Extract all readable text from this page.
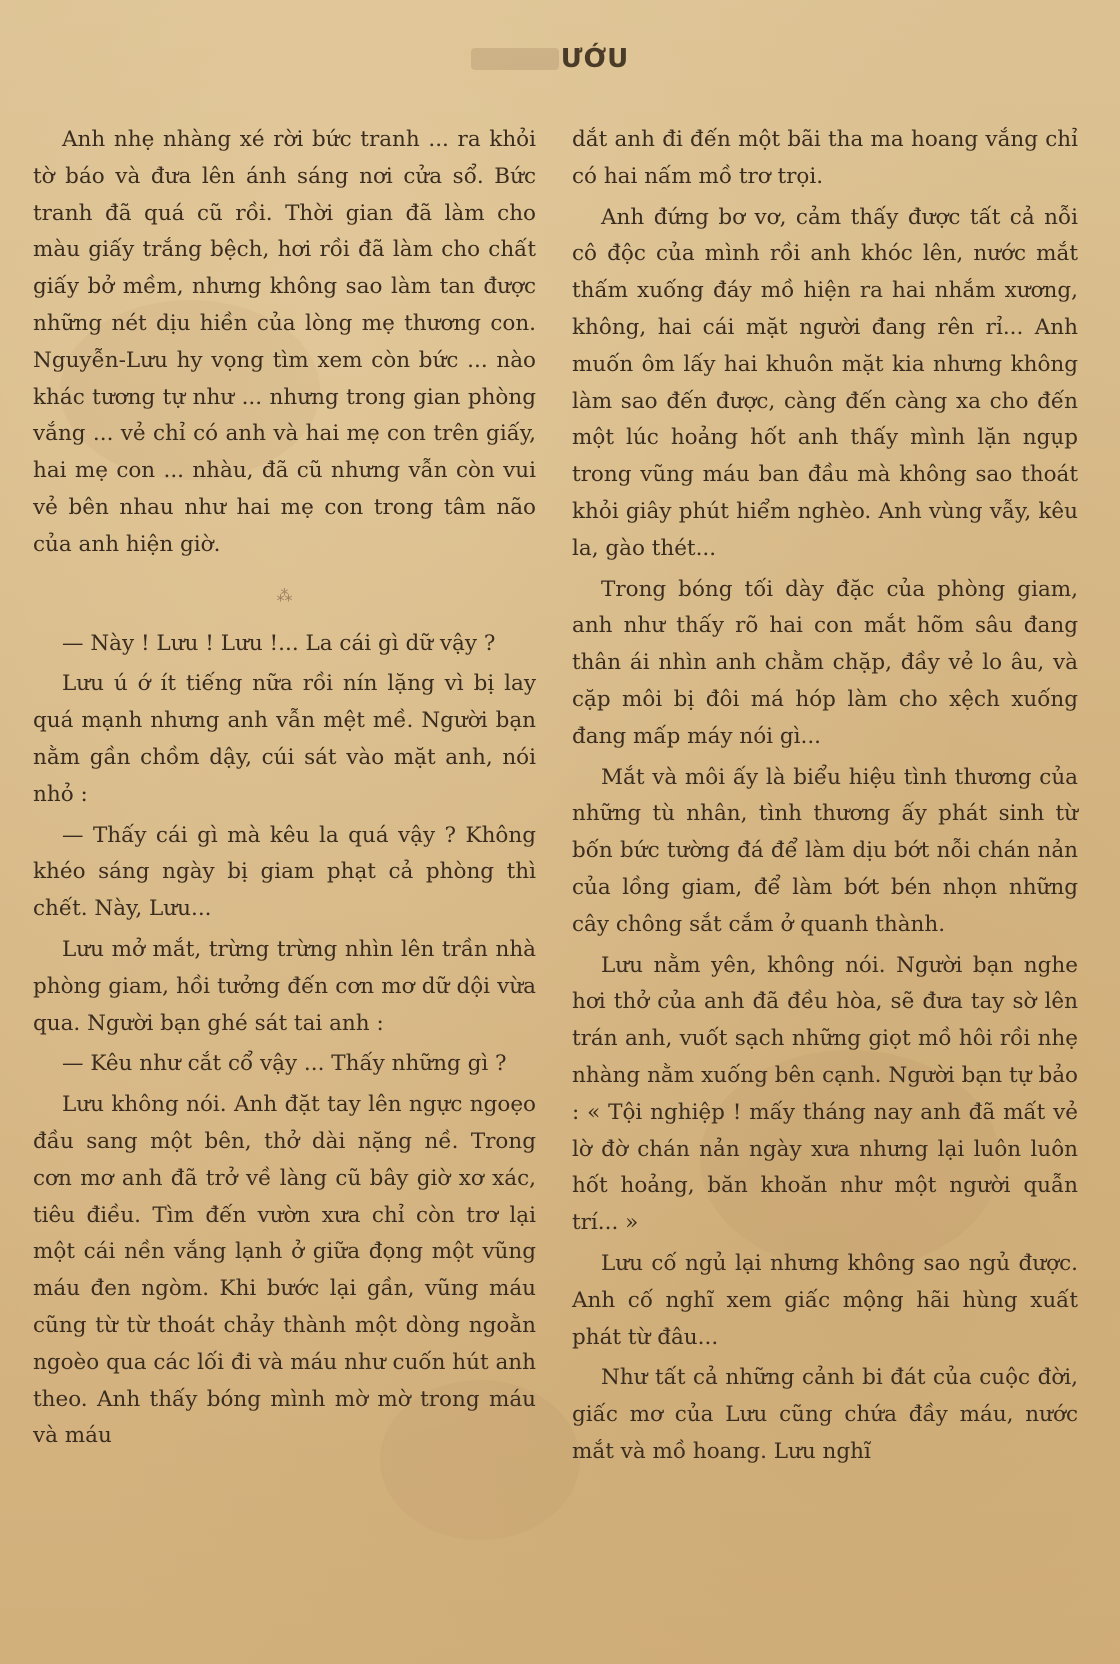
ƯỚU

Anh nhẹ nhàng xé rời bức tranh ... ra khỏi tờ báo và đưa lên ánh sáng nơi cửa sổ. Bức tranh đã quá cũ rồi. Thời gian đã làm cho màu giấy trắng bệch, hơi rồi đã làm cho chất giấy bở mềm, nhưng không sao làm tan được những nét dịu hiền của lòng mẹ thương con. Nguyễn-Lưu hy vọng tìm xem còn bức ... nào khác tương tự như ... nhưng trong gian phòng vắng ... vẻ chỉ có anh và hai mẹ con trên giấy, hai mẹ con ... nhàu, đã cũ nhưng vẫn còn vui vẻ bên nhau như hai mẹ con trong tâm não của anh hiện giờ.

⁂

— Này ! Lưu ! Lưu !... La cái gì dữ vậy ?

Lưu ú ớ ít tiếng nữa rồi nín lặng vì bị lay quá mạnh nhưng anh vẫn mệt mề. Người bạn nằm gần chồm dậy, cúi sát vào mặt anh, nói nhỏ :

— Thấy cái gì mà kêu la quá vậy ? Không khéo sáng ngày bị giam phạt cả phòng thì chết. Này, Lưu...

Lưu mở mắt, trừng trừng nhìn lên trần nhà phòng giam, hồi tưởng đến cơn mơ dữ dội vừa qua. Người bạn ghé sát tai anh :

— Kêu như cắt cổ vậy ... Thấy những gì ?

Lưu không nói. Anh đặt tay lên ngực ngoẹo đầu sang một bên, thở dài nặng nề. Trong cơn mơ anh đã trở về làng cũ bây giờ xơ xác, tiêu điều. Tìm đến vườn xưa chỉ còn trơ lại một cái nền vắng lạnh ở giữa đọng một vũng máu đen ngòm. Khi bước lại gần, vũng máu cũng từ từ thoát chảy thành một dòng ngoằn ngoèo qua các lối đi và máu như cuốn hút anh theo. Anh thấy bóng mình mờ mờ trong máu và máu

dắt anh đi đến một bãi tha ma hoang vắng chỉ có hai nấm mồ trơ trọi.

Anh đứng bơ vơ, cảm thấy được tất cả nỗi cô độc của mình rồi anh khóc lên, nước mắt thấm xuống đáy mồ hiện ra hai nhắm xương, không, hai cái mặt người đang rên rỉ... Anh muốn ôm lấy hai khuôn mặt kia nhưng không làm sao đến được, càng đến càng xa cho đến một lúc hoảng hốt anh thấy mình lặn ngụp trong vũng máu ban đầu mà không sao thoát khỏi giây phút hiểm nghèo. Anh vùng vẫy, kêu la, gào thét...

Trong bóng tối dày đặc của phòng giam, anh như thấy rõ hai con mắt hõm sâu đang thân ái nhìn anh chằm chặp, đầy vẻ lo âu, và cặp môi bị đôi má hóp làm cho xệch xuống đang mấp máy nói gì...

Mắt và môi ấy là biểu hiệu tình thương của những tù nhân, tình thương ấy phát sinh từ bốn bức tường đá để làm dịu bớt nỗi chán nản của lồng giam, để làm bớt bén nhọn những cây chông sắt cắm ở quanh thành.

Lưu nằm yên, không nói. Người bạn nghe hơi thở của anh đã đều hòa, sẽ đưa tay sờ lên trán anh, vuốt sạch những giọt mồ hôi rồi nhẹ nhàng nằm xuống bên cạnh. Người bạn tự bảo : « Tội nghiệp ! mấy tháng nay anh đã mất vẻ lờ đờ chán nản ngày xưa nhưng lại luôn luôn hốt hoảng, băn khoăn như một người quẫn trí... »

Lưu cố ngủ lại nhưng không sao ngủ được. Anh cố nghĩ xem giấc mộng hãi hùng xuất phát từ đâu...

Như tất cả những cảnh bi đát của cuộc đời, giấc mơ của Lưu cũng chứa đầy máu, nước mắt và mồ hoang. Lưu nghĩ
